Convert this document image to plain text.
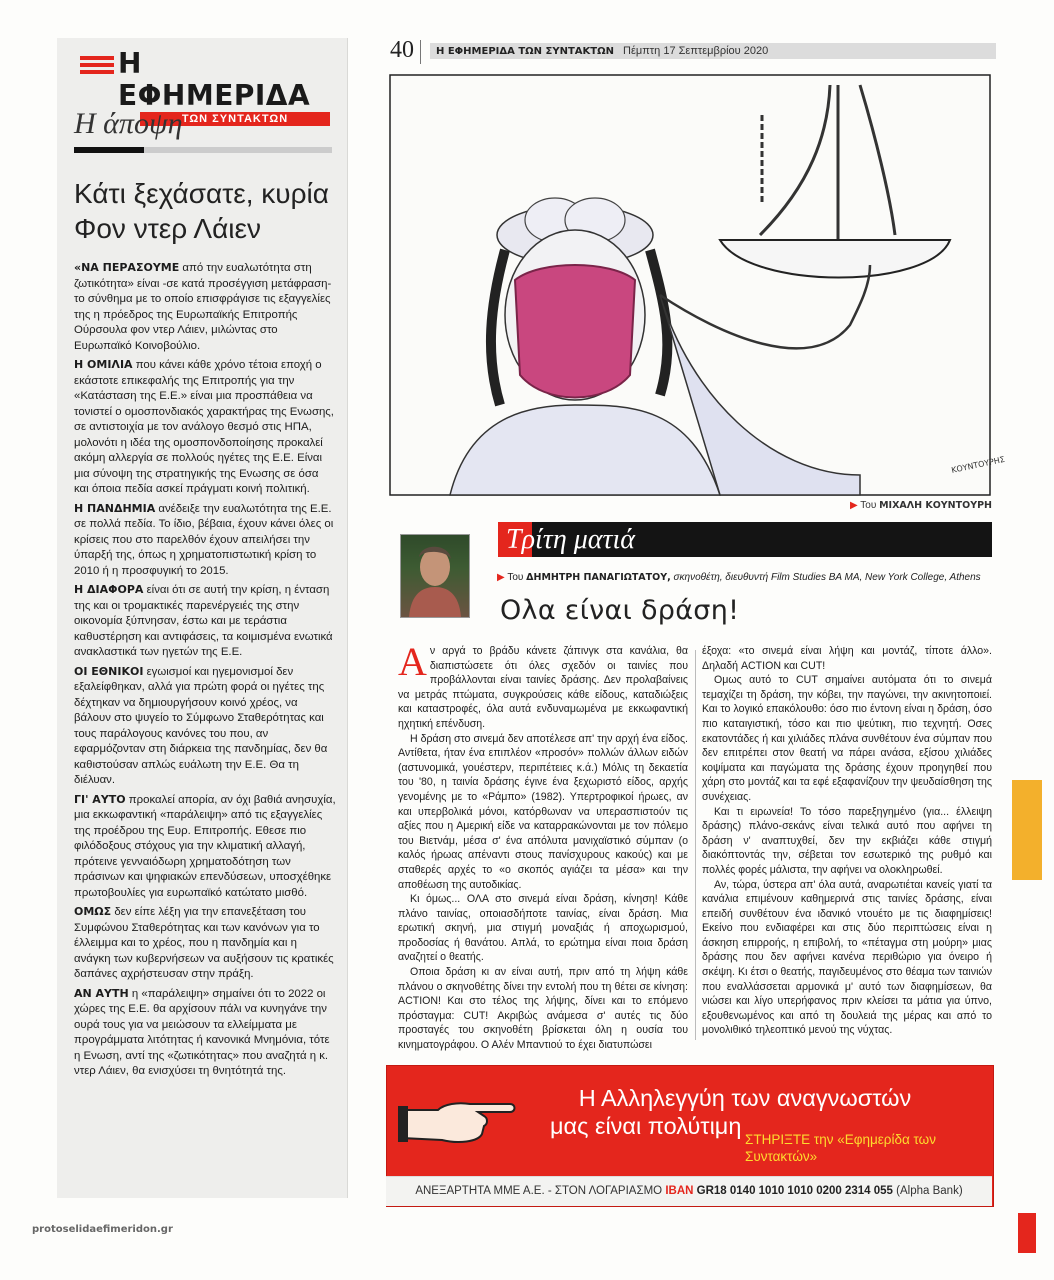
Η ΕΦΗΜΕΡΙΔΑ
ΤΩΝ ΣΥΝΤΑΚΤΩΝ
Η άποψη
Κάτι ξεχάσατε, κυρία Φον ντερ Λάιεν

«ΝΑ ΠΕΡΑΣΟΥΜΕ από την ευαλωτότητα στη ζωτικότητα» είναι -σε κατά προσέγγιση μετάφραση- το σύνθημα με το οποίο επισφράγισε τις εξαγγελίες της η πρόεδρος της Ευρωπαϊκής Επιτροπής Ούρσουλα φον ντερ Λάιεν, μιλώντας στο Ευρωπαϊκό Κοινοβούλιο.

Η ΟΜΙΛΙΑ που κάνει κάθε χρόνο τέτοια εποχή ο εκάστοτε επικεφαλής της Επιτροπής για την «Κατάσταση της Ε.Ε.» είναι μια προσπάθεια να τονιστεί ο ομοσπονδιακός χαρακτήρας της Ενωσης, σε αντιστοιχία με τον ανάλογο θεσμό στις ΗΠΑ, μολονότι η ιδέα της ομοσπονδοποίησης προκαλεί ακόμη αλλεργία σε πολλούς ηγέτες της Ε.Ε. Είναι μια σύνοψη της στρατηγικής της Ενωσης σε όσα και όποια πεδία ασκεί πράγματι κοινή πολιτική.

Η ΠΑΝΔΗΜΙΑ ανέδειξε την ευαλωτότητα της Ε.Ε. σε πολλά πεδία. Το ίδιο, βέβαια, έχουν κάνει όλες οι κρίσεις που στο παρελθόν έχουν απειλήσει την ύπαρξή της, όπως η χρηματοπιστωτική κρίση το 2010 ή η προσφυγική το 2015.

Η ΔΙΑΦΟΡΑ είναι ότι σε αυτή την κρίση, η ένταση της και οι τρομακτικές παρενέργειές της στην οικονομία ξύπνησαν, έστω και με τεράστια καθυστέρηση και αντιφάσεις, τα κοιμισμένα ενωτικά ανακλαστικά των ηγετών της Ε.Ε.

ΟΙ ΕΘΝΙΚΟΙ εγωισμοί και ηγεμονισμοί δεν εξαλείφθηκαν, αλλά για πρώτη φορά οι ηγέτες της δέχτηκαν να δημιουργήσουν κοινό χρέος, να βάλουν στο ψυγείο το Σύμφωνο Σταθερότητας και τους παράλογους κανόνες του που, αν εφαρμόζονταν στη διάρκεια της πανδημίας, δεν θα καθιστούσαν απλώς ευάλωτη την Ε.Ε. Θα τη διέλυαν.

ΓΙ' ΑΥΤΟ προκαλεί απορία, αν όχι βαθιά ανησυχία, μια εκκωφαντική «παράλειψη» από τις εξαγγελίες της προέδρου της Ευρ. Επιτροπής. Εθεσε πιο φιλόδοξους στόχους για την κλιματική αλλαγή, πρότεινε γενναιόδωρη χρηματοδότηση των πράσινων και ψηφιακών επενδύσεων, υποσχέθηκε πρωτοβουλίες για ευρωπαϊκό κατώτατο μισθό.

ΟΜΩΣ δεν είπε λέξη για την επανεξέταση του Συμφώνου Σταθερότητας και των κανόνων για το έλλειμμα και το χρέος, που η πανδημία και η ανάγκη των κυβερνήσεων να αυξήσουν τις κρατικές δαπάνες αχρήστευσαν στην πράξη.

ΑΝ ΑΥΤΗ η «παράλειψη» σημαίνει ότι το 2022 οι χώρες της Ε.Ε. θα αρχίσουν πάλι να κυνηγάνε την ουρά τους για να μειώσουν τα ελλείμματα με προγράμματα λιτότητας ή κανονικά Μνημόνια, τότε η Ενωση, αντί της «ζωτικότητας» που αναζητά η κ. ντερ Λάιεν, θα ενισχύσει τη θνητότητά της.

40	Η ΕΦΗΜΕΡΙΔΑ ΤΩΝ ΣΥΝΤΑΚΤΩΝ Πέμπτη 17 Σεπτεμβρίου 2020
ΚΟΥΝΤΟΥΡΗΣ
▶ Του ΜΙΧΑΛΗ ΚΟΥΝΤΟΥΡΗ
Τρίτη ματιά
▶ Του ΔΗΜΗΤΡΗ ΠΑΝΑΓΙΩΤΑΤΟΥ, σκηνοθέτη, διευθυντή Film Studies BA MA, New York College, Athens
Ολα είναι δράση!

Αν αργά το βράδυ κάνετε ζάπινγκ στα κανάλια, θα διαπιστώσετε ότι όλες σχεδόν οι ταινίες που προβάλλονται είναι ταινίες δράσης. Δεν προλαβαίνεις να μετράς πτώματα, συγκρούσεις κάθε είδους, καταδιώξεις και καταστροφές, όλα αυτά ενδυναμωμένα με εκκωφαντική ηχητική επένδυση.

Η δράση στο σινεμά δεν αποτέλεσε απ' την αρχή ένα είδος. Αντίθετα, ήταν ένα επιπλέον «προσόν» πολλών άλλων ειδών (αστυνομικά, γουέστερν, περιπέτειες κ.ά.) Μόλις τη δεκαετία του '80, η ταινία δράσης έγινε ένα ξεχωριστό είδος, αρχής γενομένης με το «Ράμπο» (1982). Υπερτροφικοί ήρωες, αν και υπερβολικά μόνοι, κατόρθωναν να υπερασπιστούν τις αξίες που η Αμερική είδε να καταρρακώνονται με τον πόλεμο του Βιετνάμ, μέσα σ' ένα απόλυτα μανιχαϊστικό σύμπαν (ο καλός ήρωας απέναντι στους πανίσχυρους κακούς) και με σταθερές αρχές το «ο σκοπός αγιάζει τα μέσα» και την αποθέωση της αυτοδικίας.

Κι όμως... ΟΛΑ στο σινεμά είναι δράση, κίνηση! Κάθε πλάνο ταινίας, οποιασδήποτε ταινίας, είναι δράση. Μια ερωτική σκηνή, μια στιγμή μοναξιάς ή αποχωρισμού, προδοσίας ή θανάτου. Απλά, το ερώτημα είναι ποια δράση αναζητεί ο θεατής.

Οποια δράση κι αν είναι αυτή, πριν από τη λήψη κάθε πλάνου ο σκηνοθέτης δίνει την εντολή που τη θέτει σε κίνηση: ACTION! Και στο τέλος της λήψης, δίνει και το επόμενο πρόσταγμα: CUT! Ακριβώς ανάμεσα σ' αυτές τις δύο προσταγές του σκηνοθέτη βρίσκεται όλη η ουσία του κινηματογράφου. Ο Αλέν Μπαντιού το έχει διατυπώσει

έξοχα: «το σινεμά είναι λήψη και μοντάζ, τίποτε άλλο». Δηλαδή ACTION και CUT!

Ομως αυτό το CUT σημαίνει αυτόματα ότι το σινεμά τεμαχίζει τη δράση, την κόβει, την παγώνει, την ακινητοποιεί. Και το λογικό επακόλουθο: όσο πιο έντονη είναι η δράση, όσο πιο καταιγιστική, τόσο και πιο ψεύτικη, πιο τεχνητή. Οσες εκατοντάδες ή και χιλιάδες πλάνα συνθέτουν ένα σύμπαν που δεν επιτρέπει στον θεατή να πάρει ανάσα, εξίσου χιλιάδες κοψίματα και παγώματα της δράσης έχουν προηγηθεί που χάρη στο μοντάζ και τα εφέ εξαφανίζουν την ψευδαίσθηση της συνέχειας.

Και τι ειρωνεία! Το τόσο παρεξηγημένο (για... έλλειψη δράσης) πλάνο-σεκάνς είναι τελικά αυτό που αφήνει τη δράση ν' αναπτυχθεί, δεν την εκβιάζει κάθε στιγμή διακόπτοντάς την, σέβεται τον εσωτερικό της ρυθμό και πολλές φορές μάλιστα, την αφήνει να ολοκληρωθεί.

Αν, τώρα, ύστερα απ' όλα αυτά, αναρωτιέται κανείς γιατί τα κανάλια επιμένουν καθημερινά στις ταινίες δράσης, είναι επειδή συνθέτουν ένα ιδανικό ντουέτο με τις διαφημίσεις! Εκείνο που ενδιαφέρει και στις δύο περιπτώσεις είναι η άσκηση επιρροής, η επιβολή, το «πέταγμα στη μούρη» μιας δράσης που δεν αφήνει κανένα περιθώριο για όνειρο ή σκέψη. Κι έτσι ο θεατής, παγιδευμένος στο θέαμα των ταινιών που εναλλάσσεται αρμονικά μ' αυτό των διαφημίσεων, θα νιώσει και λίγο υπερήφανος πριν κλείσει τα μάτια για ύπνο, εξουθενωμένος και από τη δουλειά της μέρας και από το μονολιθικό τηλεοπτικό μενού της νύχτας.

Η Αλληλεγγύη των αναγνωστών
μας είναι πολύτιμη
ΣΤΗΡΙΞΤΕ την «Εφημερίδα των Συντακτών»
ΑΝΕΞΑΡΤΗΤΑ ΜΜΕ Α.Ε. - ΣΤΟΝ ΛΟΓΑΡΙΑΣΜΟ IBAN GR18 0140 1010 1010 0200 2314 055 (Alpha Bank)
protoselidaefimeridon.gr
